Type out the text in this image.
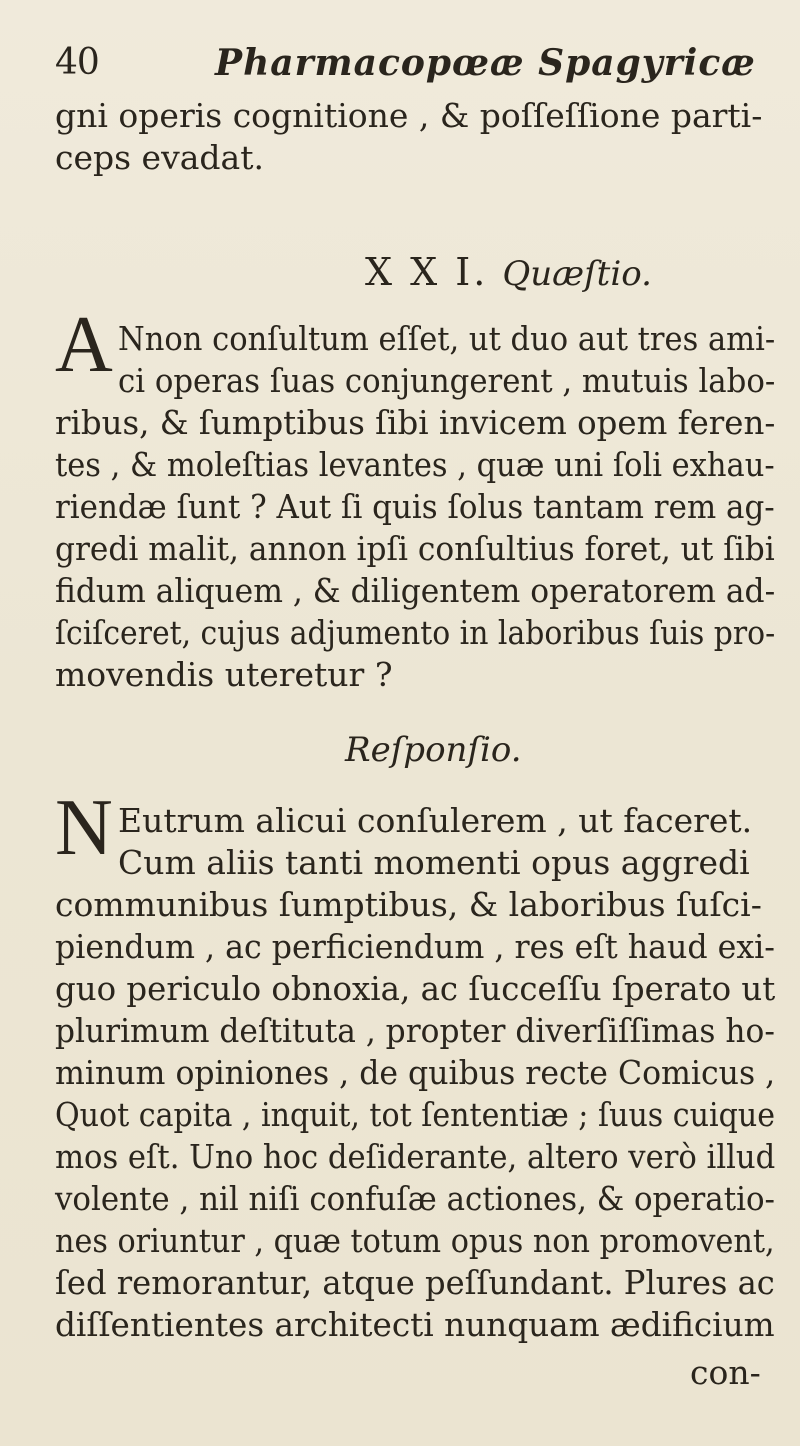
40	Pharmacopœæ Spagyricæ
gni operis cognitione , & poſſeſſione parti-
ceps evadat.
X X I. Quæſtio.
A Nnon conſultum eſſet, ut duo aut tres ami-
ci operas ſuas conjungerent , mutuis labo-
ribus, & ſumptibus ſibi invicem opem feren-
tes , & moleſtias levantes , quæ uni ſoli exhau-
riendæ ſunt ? Aut ſi quis ſolus tantam rem ag-
gredi malit, annon ipſi conſultius foret, ut ſibi
fidum aliquem , & diligentem operatorem ad-
ſciſceret, cujus adjumento in laboribus ſuis pro-
movendis uteretur ?
Reſponſio.
N Eutrum alicui conſulerem , ut faceret.
Cum aliis tanti momenti opus aggredi
communibus ſumptibus, & laboribus ſuſci-
piendum , ac perficiendum , res eſt haud exi-
guo periculo obnoxia, ac ſucceſſu ſperato ut
plurimum deſtituta , propter diverſiſſimas ho-
minum opiniones , de quibus recte Comicus ,
Quot capita , inquit, tot ſententiæ ; ſuus cuique
mos eſt. Uno hoc deſiderante, altero verò illud
volente , nil niſi confuſæ actiones, & operatio-
nes oriuntur , quæ totum opus non promovent,
ſed remorantur, atque peſſundant. Plures ac
diſſentientes architecti nunquam ædificium
con-
